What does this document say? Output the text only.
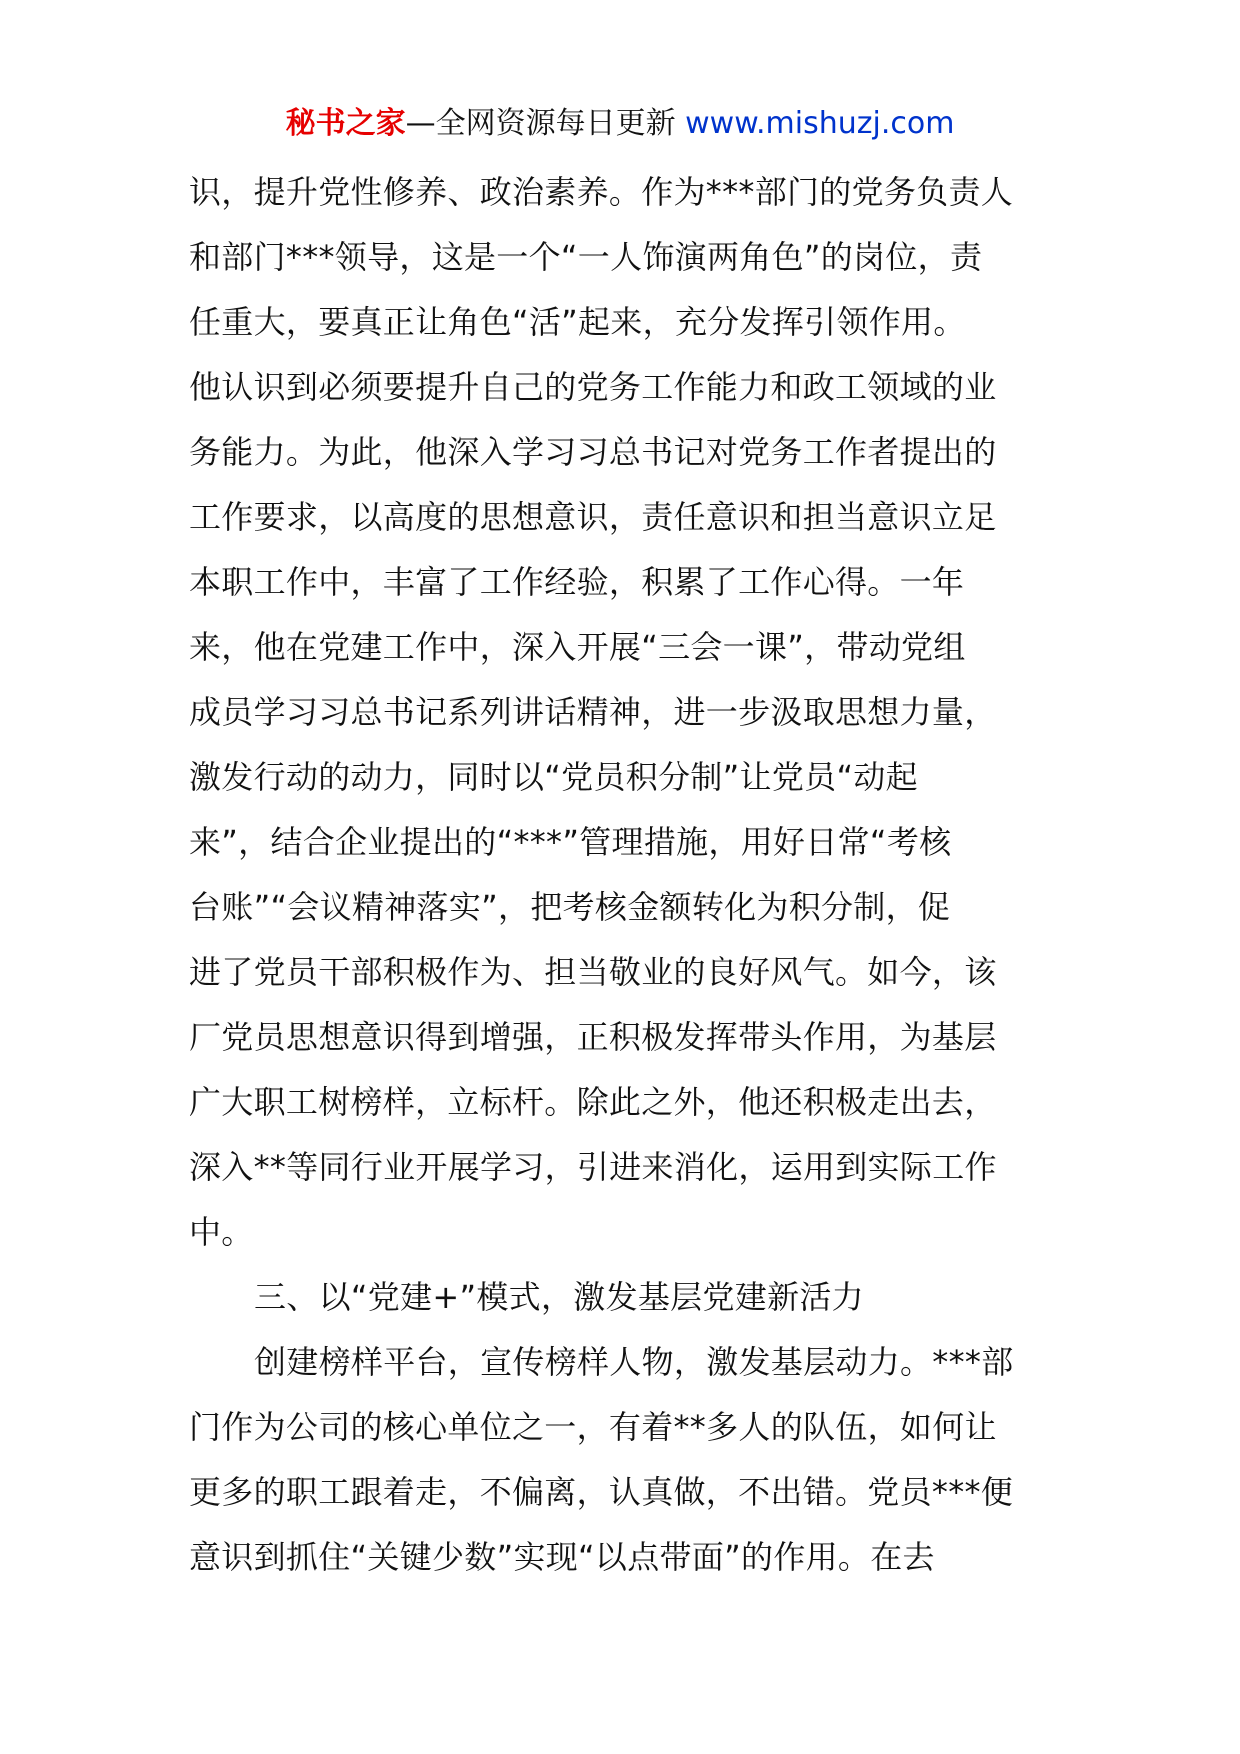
秘书之家—全网资源每日更新 www.mishuzj.com
识，提升党性修养、政治素养。作为***部门的党务负责人
和部门***领导，这是一个“一人饰演两角色”的岗位，责
任重大，要真正让角色“活”起来，充分发挥引领作用。
他认识到必须要提升自己的党务工作能力和政工领域的业
务能力。为此，他深入学习习总书记对党务工作者提出的
工作要求，以高度的思想意识，责任意识和担当意识立足
本职工作中，丰富了工作经验，积累了工作心得。一年
来，他在党建工作中，深入开展“三会一课”，带动党组
成员学习习总书记系列讲话精神，进一步汲取思想力量，
激发行动的动力，同时以“党员积分制”让党员“动起
来”，结合企业提出的“***”管理措施，用好日常“考核
台账”“会议精神落实”，把考核金额转化为积分制，促
进了党员干部积极作为、担当敬业的良好风气。如今，该
厂党员思想意识得到增强，正积极发挥带头作用，为基层
广大职工树榜样，立标杆。除此之外，他还积极走出去，
深入**等同行业开展学习，引进来消化，运用到实际工作
中。
三、以“党建+”模式，激发基层党建新活力
创建榜样平台，宣传榜样人物，激发基层动力。***部
门作为公司的核心单位之一，有着**多人的队伍，如何让
更多的职工跟着走，不偏离，认真做，不出错。党员***便
意识到抓住“关键少数”实现“以点带面”的作用。在去
